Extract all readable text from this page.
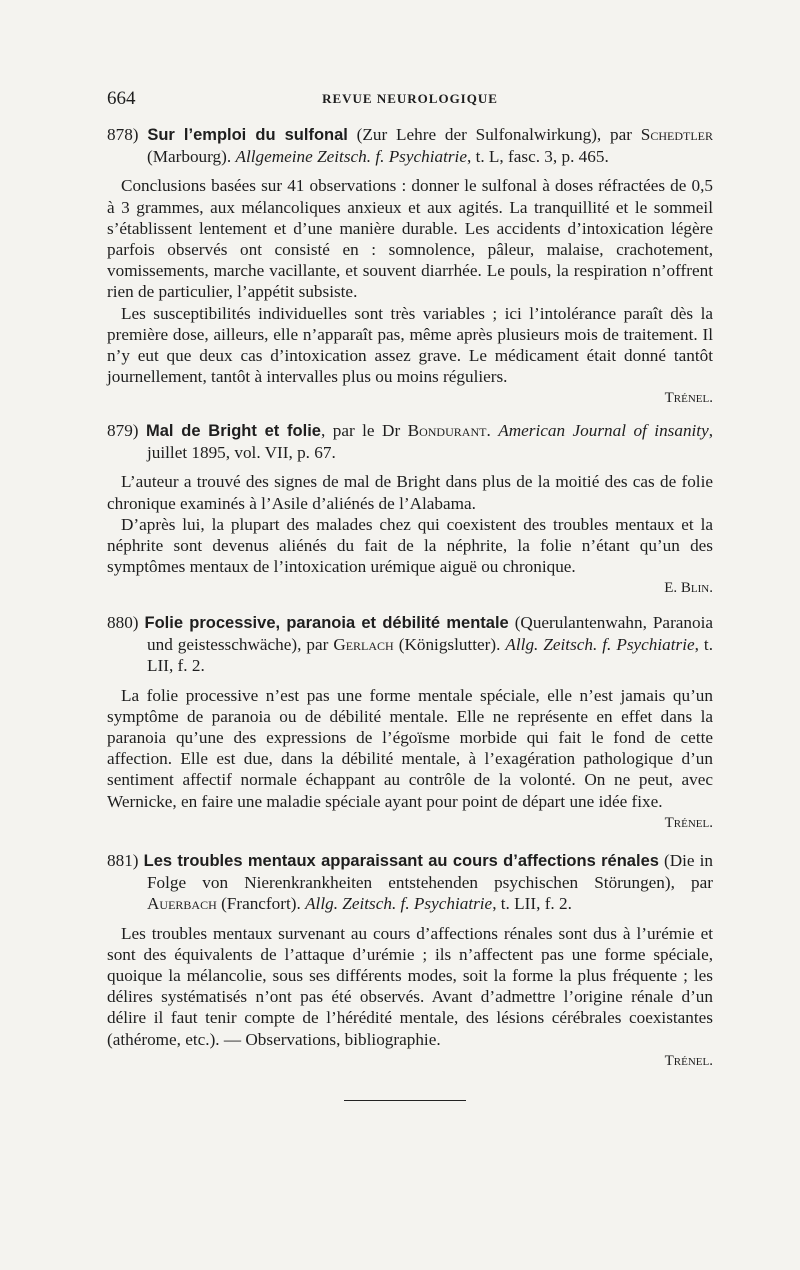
664	REVUE NEUROLOGIQUE

878) Sur l’emploi du sulfonal (Zur Lehre der Sulfonalwirkung), par Schedtler (Marbourg). Allgemeine Zeitsch. f. Psychiatrie, t. L, fasc. 3, p. 465.

Conclusions basées sur 41 observations : donner le sulfonal à doses réfractées de 0,5 à 3 grammes, aux mélancoliques anxieux et aux agités. La tranquillité et le sommeil s’établissent lentement et d’une manière durable. Les accidents d’intoxication légère parfois observés ont consisté en : somnolence, pâleur, malaise, crachotement, vomissements, marche vacillante, et souvent diarrhée. Le pouls, la respiration n’offrent rien de particulier, l’appétit subsiste.

Les susceptibilités individuelles sont très variables ; ici l’intolérance paraît dès la première dose, ailleurs, elle n’apparaît pas, même après plusieurs mois de traitement. Il n’y eut que deux cas d’intoxication assez grave. Le médicament était donné tantôt journellement, tantôt à intervalles plus ou moins réguliers.

Trénel.

879) Mal de Bright et folie, par le Dr Bondurant. American Journal of insanity, juillet 1895, vol. VII, p. 67.

L’auteur a trouvé des signes de mal de Bright dans plus de la moitié des cas de folie chronique examinés à l’Asile d’aliénés de l’Alabama.

D’après lui, la plupart des malades chez qui coexistent des troubles mentaux et la néphrite sont devenus aliénés du fait de la néphrite, la folie n’étant qu’un des symptômes mentaux de l’intoxication urémique aiguë ou chronique.

E. Blin.

880) Folie processive, paranoia et débilité mentale (Querulantenwahn, Paranoia und geistesschwäche), par Gerlach (Königslutter). Allg. Zeitsch. f. Psychiatrie, t. LII, f. 2.

La folie processive n’est pas une forme mentale spéciale, elle n’est jamais qu’un symptôme de paranoia ou de débilité mentale. Elle ne représente en effet dans la paranoia qu’une des expressions de l’égoïsme morbide qui fait le fond de cette affection. Elle est due, dans la débilité mentale, à l’exagération pathologique d’un sentiment affectif normale échappant au contrôle de la volonté. On ne peut, avec Wernicke, en faire une maladie spéciale ayant pour point de départ une idée fixe.

Trénel.

881) Les troubles mentaux apparaissant au cours d’affections rénales (Die in Folge von Nierenkrankheiten entstehenden psychischen Störungen), par Auerbach (Francfort). Allg. Zeitsch. f. Psychiatrie, t. LII, f. 2.

Les troubles mentaux survenant au cours d’affections rénales sont dus à l’urémie et sont des équivalents de l’attaque d’urémie ; ils n’affectent pas une forme spéciale, quoique la mélancolie, sous ses différents modes, soit la forme la plus fréquente ; les délires systématisés n’ont pas été observés. Avant d’admettre l’origine rénale d’un délire il faut tenir compte de l’hérédité mentale, des lésions cérébrales coexistantes (athérome, etc.). — Observations, bibliographie.

Trénel.
